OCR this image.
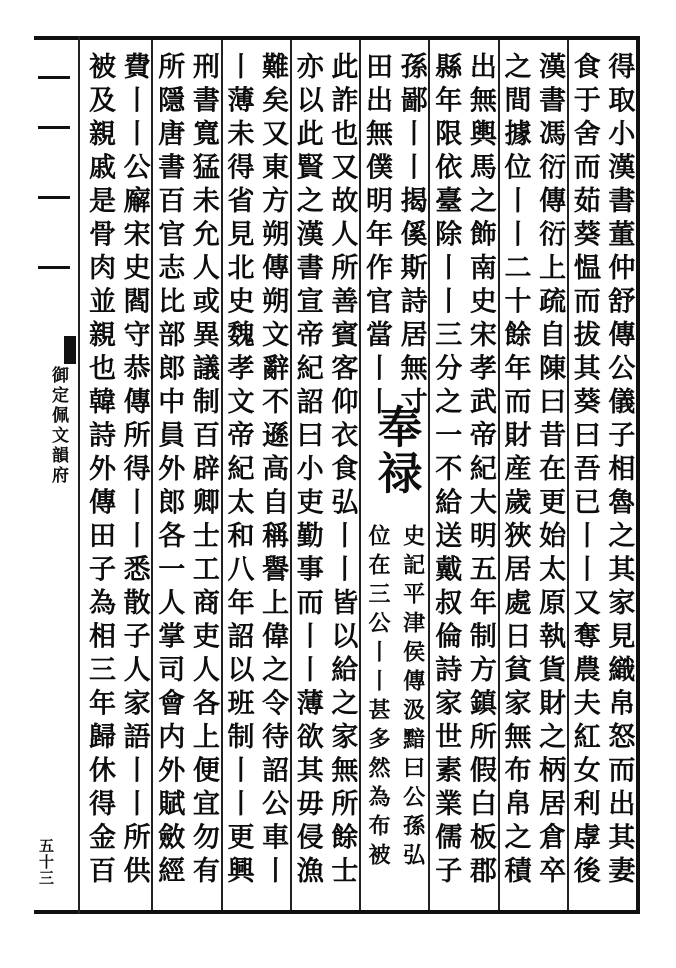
御定佩文韻府
五十三	得取小漢書董仲舒傳公儀子相魯之其家見織帛怒而出其妻
食于舍而茹葵愠而拔其葵曰吾已丨丨又奪農夫紅女利虖後
漢書馮衍傳衍上疏自陳曰昔在更始太原執貨財之柄居倉卒
之間據位丨丨二十餘年而財産歲狹居處日貧家無布帛之積
出無輿馬之飾南史宋孝武帝紀大明五年制方鎮所假白板郡
縣年限依臺除丨丨三分之一不給送戴叔倫詩家世素業儒子
孫鄙丨丨揭傒斯詩居無寸
田出無僕明年作官當丨丨
此詐也又故人所善賓客仰衣食弘丨丨皆以給之家無所餘士
亦以此賢之漢書宣帝紀詔曰小吏勤事而丨丨薄欲其毋侵漁
難矣又東方朔傳朔文辭不遜高自稱譽上偉之令待詔公車丨
丨薄未得省見北史魏孝文帝紀太和八年詔以班制丨丨更興
刑書寬猛未允人或異議制百辟卿士工商吏人各上便宜勿有
所隱唐書百官志比部郎中員外郎各一人掌司會内外賦斂經
費丨丨公廨宋史閻守恭傳所得丨丨悉散子人家語丨丨所供
被及親戚是骨肉並親也韓詩外傳田子為相三年歸休得金百	奉禄
史記平津侯傳汲黯曰公孫弘
位在三公丨丨甚多然為布被
